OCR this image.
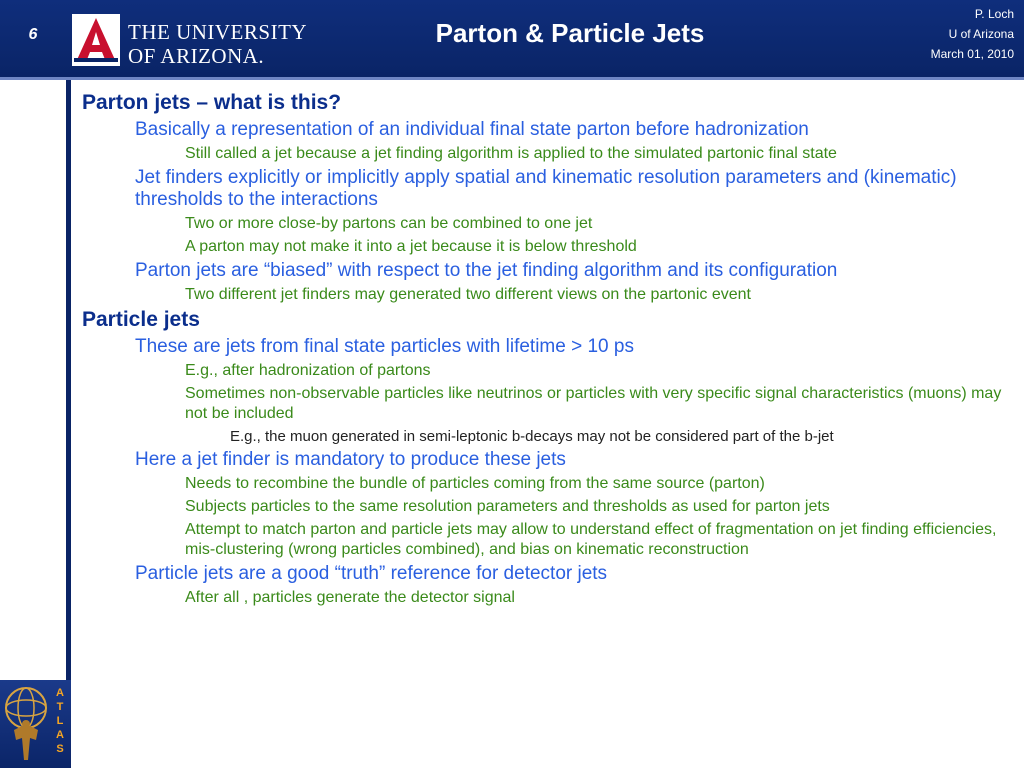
6	THE UNIVERSITY
OF ARIZONA.
Parton & Particle Jets
P. Loch
U of Arizona
March 01, 2010
ATLAS
Parton jets – what is this?
Basically a representation of an individual final state parton before hadronization
Still called a jet because a jet finding algorithm is applied to the simulated partonic final state
Jet finders explicitly or implicitly apply spatial and kinematic resolution parameters and (kinematic) thresholds to the interactions
Two or more close-by partons can be combined to one jet
A parton may not make it into a jet because it is below threshold
Parton jets are “biased” with respect to the jet finding algorithm and its configuration
Two different jet finders may generated two different views on the partonic event
Particle jets
These are jets from final state particles with lifetime > 10 ps
E.g., after hadronization of partons
Sometimes non-observable particles like neutrinos or particles with very specific signal characteristics (muons) may not be included
E.g., the muon generated in semi-leptonic b-decays may not be considered part of the b-jet
Here a jet finder is mandatory to produce these jets
Needs to recombine the bundle of particles coming from the same source (parton)
Subjects particles to the same resolution parameters and thresholds as used for parton jets
Attempt to match parton and particle jets may allow to understand effect of fragmentation on jet finding efficiencies, mis-clustering (wrong particles combined), and bias on kinematic reconstruction
Particle jets are a good “truth” reference for detector jets
After all , particles generate the detector signal
